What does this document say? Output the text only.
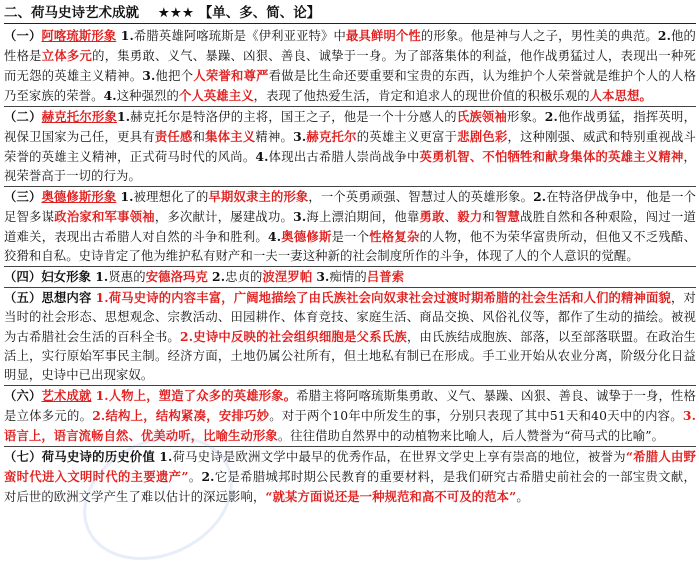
二、荷马史诗艺术成就 ★★★ 【单、多、简、论】
（一）阿喀琉斯形象 1.希腊英雄阿喀琉斯是《伊利亚亚特》中最具鲜明个性的形象。他是神与人之子，男性美的典范。2.他的性格是立体多元的，集勇敢、义气、暴躁、凶狠、善良、诚挚于一身。为了部落集体的利益，他作战勇猛过人，表现出一种死而无怨的英雄主义精神。3.他把个人荣誉和尊严看做是比生命还要重要和宝贵的东西，认为维护个人荣誉就是维护个人的人格乃至家族的荣誉。4.这种强烈的个人英雄主义，表现了他热爱生活，肯定和追求人的现世价值的积极乐观的人本思想。
（二）赫克托尔形象1.赫克托尔是特洛伊的主将，国王之子，他是一个十分感人的氏族领袖形象。2.他作战勇猛，指挥英明，视保卫国家为己任，更具有责任感和集体主义精神。3.赫克托尔的英雄主义更富于悲剧色彩，这种刚强、威武和特别重视战斗荣誉的英雄主义精神，正式荷马时代的风尚。4.体现出古希腊人崇尚战争中英勇机智、不怕牺牲和献身集体的英雄主义精神，视荣誉高于一切的行为。
（三）奥德修斯形象 1.被理想化了的早期奴隶主的形象，一个英勇顽强、智慧过人的英雄形象。2.在特洛伊战争中，他是一个足智多谋政治家和军事领袖，多次献计，屡建战功。3.海上漂泊期间，他靠勇敢、毅力和智慧战胜自然和各种艰险，闯过一道道难关，表现出古希腊人对自然的斗争和胜利。4.奥德修斯是一个性格复杂的人物，他不为荣华富贵所动，但他又不乏残酷、狡猾和自私。史诗肯定了他为维护私有财产和一夫一妻这种新的社会制度所作的斗争，体现了人的个人意识的觉醒。
（四）妇女形象 1.贤惠的安德洛玛克 2.忠贞的波涅罗帕 3.痴情的吕普索
（五）思想内容 1.荷马史诗的内容丰富，广阔地描绘了由氏族社会向奴隶社会过渡时期希腊的社会生活和人们的精神面貌，对当时的社会形态、思想观念、宗教活动、田园耕作、体育竞技、家庭生活、商品交换、风俗礼仪等，都作了生动的描绘。被视为古希腊社会生活的百科全书。2.史诗中反映的社会组织细胞是父系氏族，由氏族结成胞族、部落，以至部落联盟。在政治生活上，实行原始军事民主制。经济方面，土地仍属公社所有，但土地私有制已在形成。手工业开始从农业分离，阶级分化日益明显，史诗中已出现家奴。
（六）艺术成就 1.人物上，塑造了众多的英雄形象。希腊主将阿喀琉斯集勇敢、义气、暴躁、凶狠、善良、诚挚于一身，性格是立体多元的。2.结构上，结构紧凑，安排巧妙。对于两个10年中所发生的事，分别只表现了其中51天和40天中的内容。3.语言上，语言流畅自然、优美动听，比喻生动形象。往往借助自然界中的动植物来比喻人，后人赞誉为“荷马式的比喻”。
（七）荷马史诗的历史价值 1.荷马史诗是欧洲文学中最早的优秀作品，在世界文学史上享有崇高的地位，被誉为“希腊人由野蛮时代进入文明时代的主要遗产”。2.它是希腊城邦时期公民教育的重要材料，是我们研究古希腊史前社会的一部宝贵文献，对后世的欧洲文学产生了难以估计的深远影响，“就某方面说还是一种规范和高不可及的范本”。
